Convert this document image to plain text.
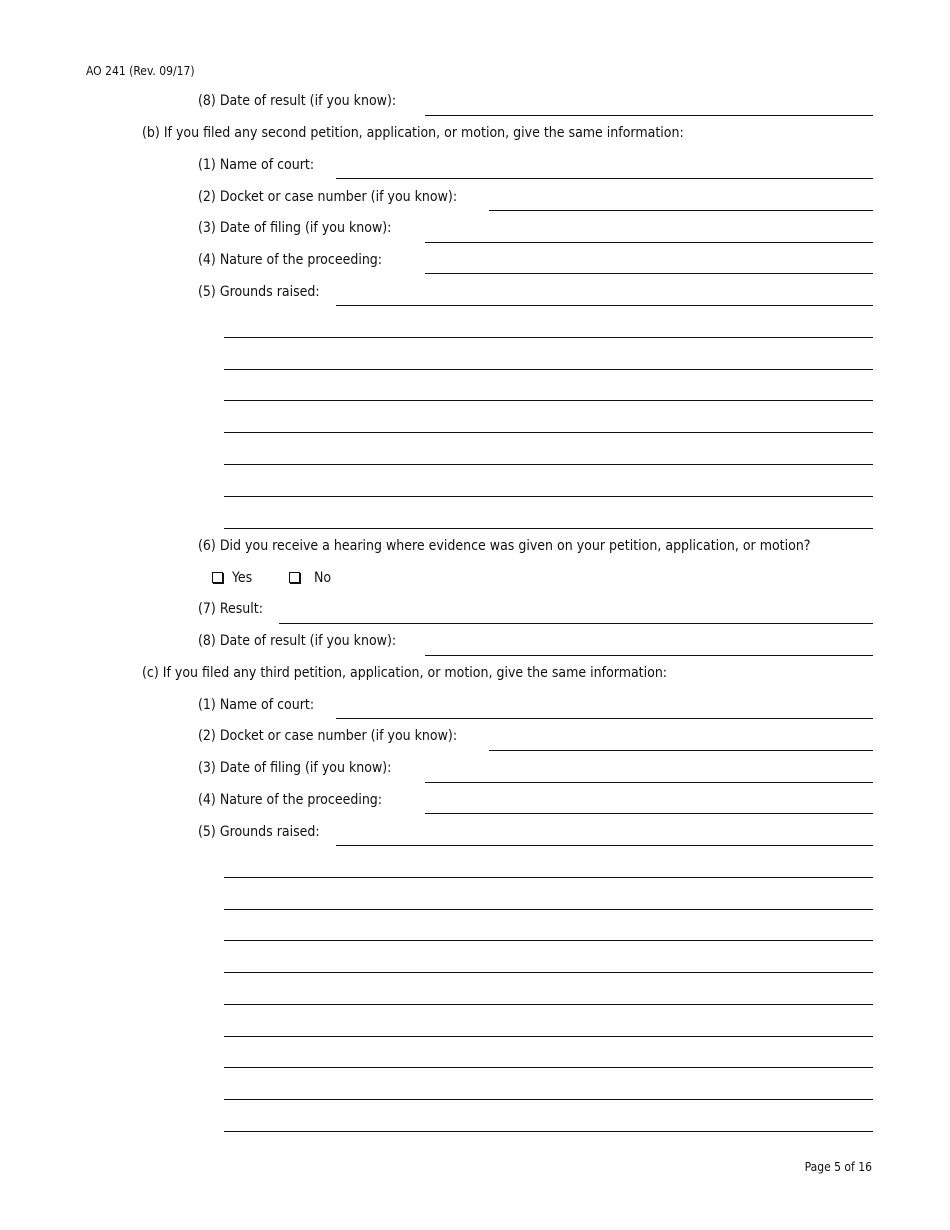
AO 241 (Rev. 09/17)
(8) Date of result (if you know):
(b) If you filed any second petition, application, or motion, give the same information:
(1) Name of court:
(2) Docket or case number (if you know):
(3) Date of filing (if you know):
(4) Nature of the proceeding:
(5) Grounds raised:
(6) Did you receive a hearing where evidence was given on your petition, application, or motion?
Yes	No
(7) Result:
(8) Date of result (if you know):
(c) If you filed any third petition, application, or motion, give the same information:
(1) Name of court:
(2) Docket or case number (if you know):
(3) Date of filing (if you know):
(4) Nature of the proceeding:
(5) Grounds raised:
Page 5 of 16
